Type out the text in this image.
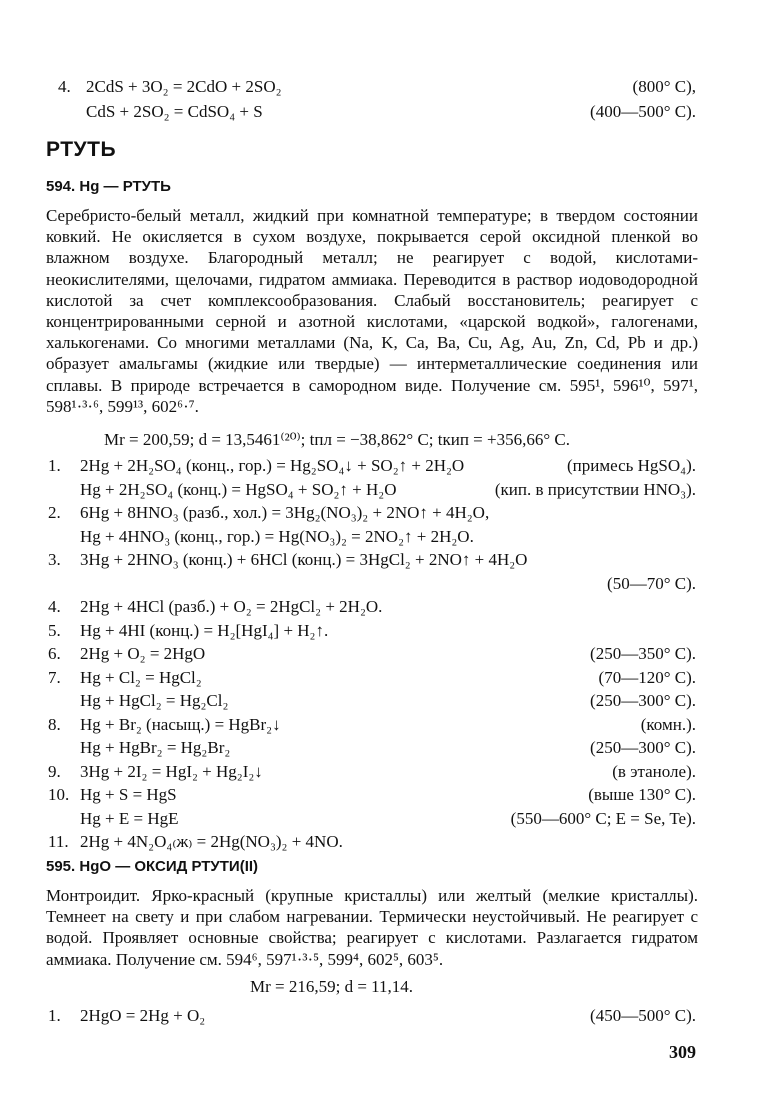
4. 2CdS + 3O₂ = 2CdO + 2SO₂	(800° C),
CdS + 2SO₂ = CdSO₄ + S	(400—500° C).
РТУТЬ
594. Hg — РТУТЬ

Серебристо-белый металл, жидкий при комнатной температуре; в твердом состоянии ковкий. Не окисляется в сухом воздухе, покрывается серой оксидной пленкой во влажном воздухе. Благородный металл; не реагирует с водой, кислотами-неокислителями, щелочами, гидратом аммиака. Переводится в раствор иодоводородной кислотой за счет комплексообразования. Слабый восстановитель; реагирует с концентрированными серной и азотной кислотами, «царской водкой», галогенами, халькогенами. Со многими металлами (Na, K, Ca, Ba, Cu, Ag, Au, Zn, Cd, Pb и др.) образует амальгамы (жидкие или твердые) — интерметаллические соединения или сплавы. В природе встречается в самородном виде. Получение см. 595¹, 596¹⁰, 597¹, 598¹·³·⁶, 599¹³, 602⁶·⁷.

Mr = 200,59; d = 13,5461⁽²⁰⁾; tпл = −38,862° C; tкип = +356,66° C.
1. 2Hg + 2H₂SO₄ (конц., гор.) = Hg₂SO₄↓ + SO₂↑ + 2H₂O	(примесь HgSO₄).
Hg + 2H₂SO₄ (конц.) = HgSO₄ + SO₂↑ + H₂O	(кип. в присутствии HNO₃).
2. 6Hg + 8HNO₃ (разб., хол.) = 3Hg₂(NO₃)₂ + 2NO↑ + 4H₂O,
Hg + 4HNO₃ (конц., гор.) = Hg(NO₃)₂ = 2NO₂↑ + 2H₂O.
3. 3Hg + 2HNO₃ (конц.) + 6HCl (конц.) = 3HgCl₂ + 2NO↑ + 4H₂O
(50—70° C).
4. 2Hg + 4HCl (разб.) + O₂ = 2HgCl₂ + 2H₂O.
5. Hg + 4HI (конц.) = H₂[HgI₄] + H₂↑.
6. 2Hg + O₂ = 2HgO	(250—350° C).
7. Hg + Cl₂ = HgCl₂	(70—120° C).
Hg + HgCl₂ = Hg₂Cl₂	(250—300° C).
8. Hg + Br₂ (насыщ.) = HgBr₂↓	(комн.).
Hg + HgBr₂ = Hg₂Br₂	(250—300° C).
9. 3Hg + 2I₂ = HgI₂ + Hg₂I₂↓	(в этаноле).
10. Hg + S = HgS	(выше 130° C).
Hg + E = HgE	(550—600° C; E = Se, Te).
11. 2Hg + 4N₂O₄₍ж₎ = 2Hg(NO₃)₂ + 4NO.
595. HgO — ОКСИД РТУТИ(II)

Монтроидит. Ярко-красный (крупные кристаллы) или желтый (мелкие кристаллы). Темнеет на свету и при слабом нагревании. Термически неустойчивый. Не реагирует с водой. Проявляет основные свойства; реагирует с кислотами. Разлагается гидратом аммиака. Получение см. 594⁶, 597¹·³·⁵, 599⁴, 602⁵, 603⁵.

Mr = 216,59; d = 11,14.
1. 2HgO = 2Hg + O₂	(450—500° C).
309
